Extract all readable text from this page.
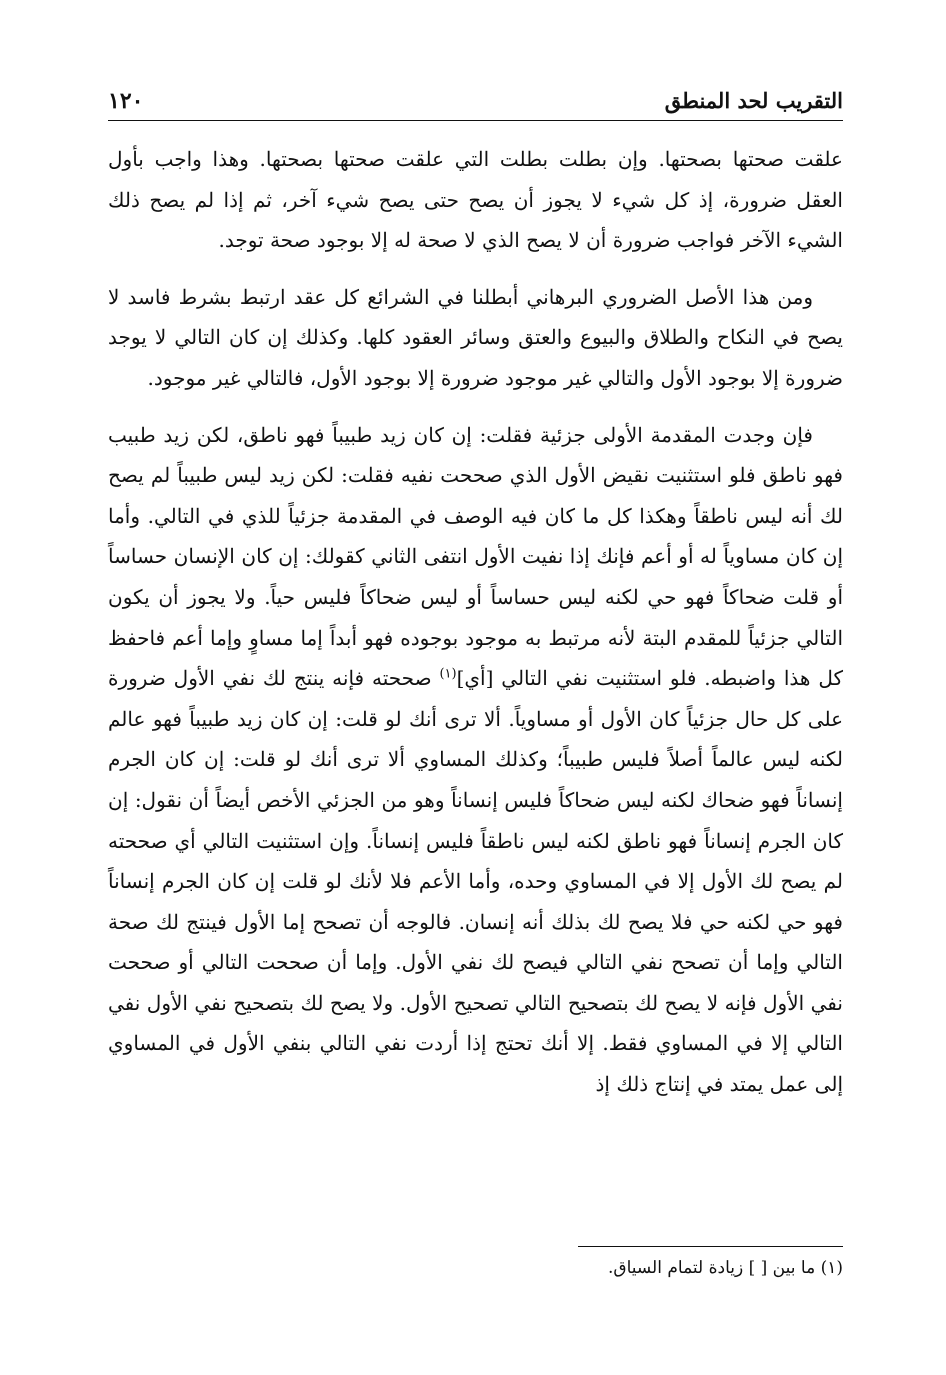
التقريب لحد المنطق
١٢٠

علقت صحتها بصحتها. وإن بطلت بطلت التي علقت صحتها بصحتها. وهذا واجب بأول العقل ضرورة، إذ كل شيء لا يجوز أن يصح حتى يصح شيء آخر، ثم إذا لم يصح ذلك الشيء الآخر فواجب ضرورة أن لا يصح الذي لا صحة له إلا بوجود صحة توجد.

ومن هذا الأصل الضروري البرهاني أبطلنا في الشرائع كل عقد ارتبط بشرط فاسد لا يصح في النكاح والطلاق والبيوع والعتق وسائر العقود كلها. وكذلك إن كان التالي لا يوجد ضرورة إلا بوجود الأول والتالي غير موجود ضرورة إلا بوجود الأول، فالتالي غير موجود.

فإن وجدت المقدمة الأولى جزئية فقلت: إن كان زيد طبيباً فهو ناطق، لكن زيد طبيب فهو ناطق فلو استثنيت نقيض الأول الذي صححت نفيه فقلت: لكن زيد ليس طبيباً لم يصح لك أنه ليس ناطقاً وهكذا كل ما كان فيه الوصف في المقدمة جزئياً للذي في التالي. وأما إن كان مساوياً له أو أعم فإنك إذا نفيت الأول انتفى الثاني كقولك: إن كان الإنسان حساساً أو قلت ضحاكاً فهو حي لكنه ليس حساساً أو ليس ضحاكاً فليس حياً. ولا يجوز أن يكون التالي جزئياً للمقدم البتة لأنه مرتبط به موجود بوجوده فهو أبداً إما مساوٍ وإما أعم فاحفظ كل هذا واضبطه. فلو استثنيت نفي التالي [أي]$^{(١)}$ صححته فإنه ينتج لك نفي الأول ضرورة على كل حال جزئياً كان الأول أو مساوياً. ألا ترى أنك لو قلت: إن كان زيد طبيباً فهو عالم لكنه ليس عالماً أصلاً فليس طبيباً؛ وكذلك المساوي ألا ترى أنك لو قلت: إن كان الجرم إنساناً فهو ضحاك لكنه ليس ضحاكاً فليس إنساناً وهو من الجزئي الأخص أيضاً أن نقول: إن كان الجرم إنساناً فهو ناطق لكنه ليس ناطقاً فليس إنساناً. وإن استثنيت التالي أي صححته لم يصح لك الأول إلا في المساوي وحده، وأما الأعم فلا لأنك لو قلت إن كان الجرم إنساناً فهو حي لكنه حي فلا يصح لك بذلك أنه إنسان. فالوجه أن تصحح إما الأول فينتج لك صحة التالي وإما أن تصحح نفي التالي فيصح لك نفي الأول. وإما أن صححت التالي أو صححت نفي الأول فإنه لا يصح لك بتصحيح التالي تصحيح الأول. ولا يصح لك بتصحيح نفي الأول نفي التالي إلا في المساوي فقط. إلا أنك تحتج إذا أردت نفي التالي بنفي الأول في المساوي إلى عمل يمتد في إنتاج ذلك إذ

(١) ما بين [ ] زيادة لتمام السياق.
